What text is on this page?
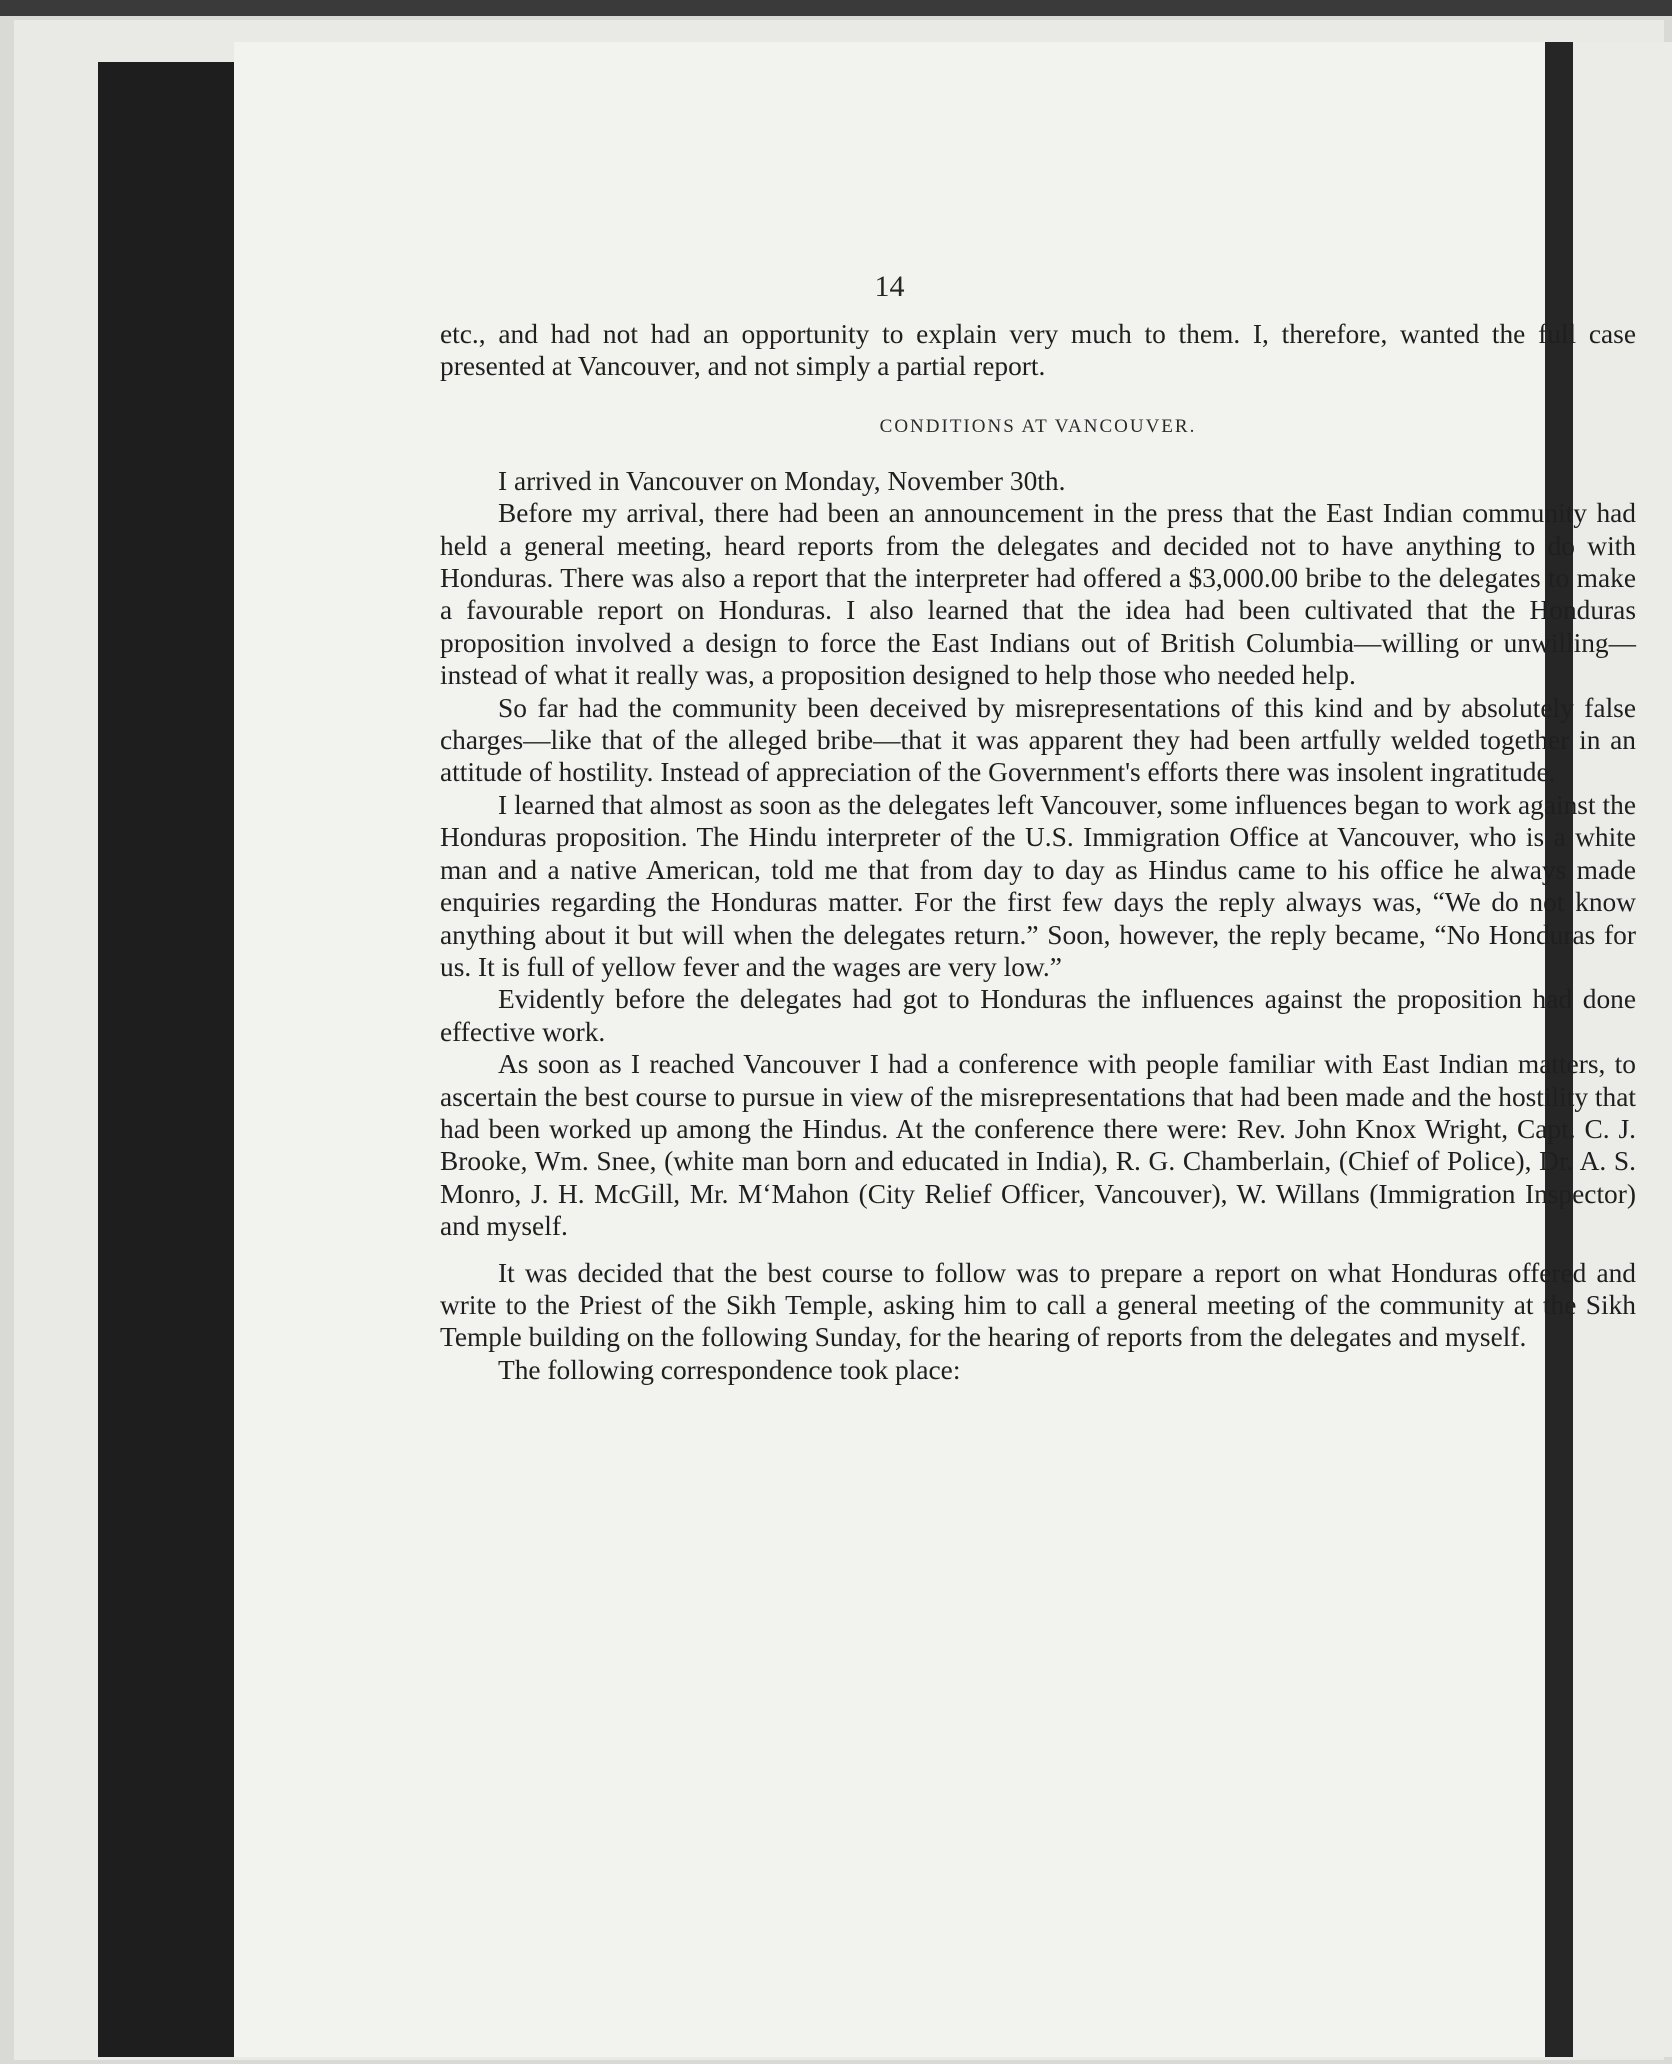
14

etc., and had not had an opportunity to explain very much to them. I, therefore, wanted the full case presented at Vancouver, and not simply a partial report.

CONDITIONS AT VANCOUVER.

I arrived in Vancouver on Monday, November 30th.

Before my arrival, there had been an announcement in the press that the East Indian community had held a general meeting, heard reports from the delegates and decided not to have anything to do with Honduras. There was also a report that the interpreter had offered a $3,000.00 bribe to the delegates to make a favourable report on Honduras. I also learned that the idea had been cultivated that the Honduras proposition involved a design to force the East Indians out of British Columbia—willing or unwilling—instead of what it really was, a proposition designed to help those who needed help.

So far had the community been deceived by misrepresentations of this kind and by absolutely false charges—like that of the alleged bribe—that it was apparent they had been artfully welded together in an attitude of hostility. Instead of appreciation of the Government's efforts there was insolent ingratitude.

I learned that almost as soon as the delegates left Vancouver, some influences began to work against the Honduras proposition. The Hindu interpreter of the U.S. Immigration Office at Vancouver, who is a white man and a native American, told me that from day to day as Hindus came to his office he always made enquiries regarding the Honduras matter. For the first few days the reply always was, “We do not know anything about it but will when the delegates return.” Soon, however, the reply became, “No Honduras for us. It is full of yellow fever and the wages are very low.”

Evidently before the delegates had got to Honduras the influences against the proposition had done effective work.

As soon as I reached Vancouver I had a conference with people familiar with East Indian matters, to ascertain the best course to pursue in view of the misrepresentations that had been made and the hostility that had been worked up among the Hindus. At the conference there were: Rev. John Knox Wright, Capt. C. J. Brooke, Wm. Snee, (white man born and educated in India), R. G. Chamberlain, (Chief of Police), Dr. A. S. Monro, J. H. McGill, Mr. M‘Mahon (City Relief Officer, Vancouver), W. Willans (Immigration Inspector) and myself.

It was decided that the best course to follow was to prepare a report on what Honduras offered and write to the Priest of the Sikh Temple, asking him to call a general meeting of the community at the Sikh Temple building on the following Sunday, for the hearing of reports from the delegates and myself.

The following correspondence took place:
